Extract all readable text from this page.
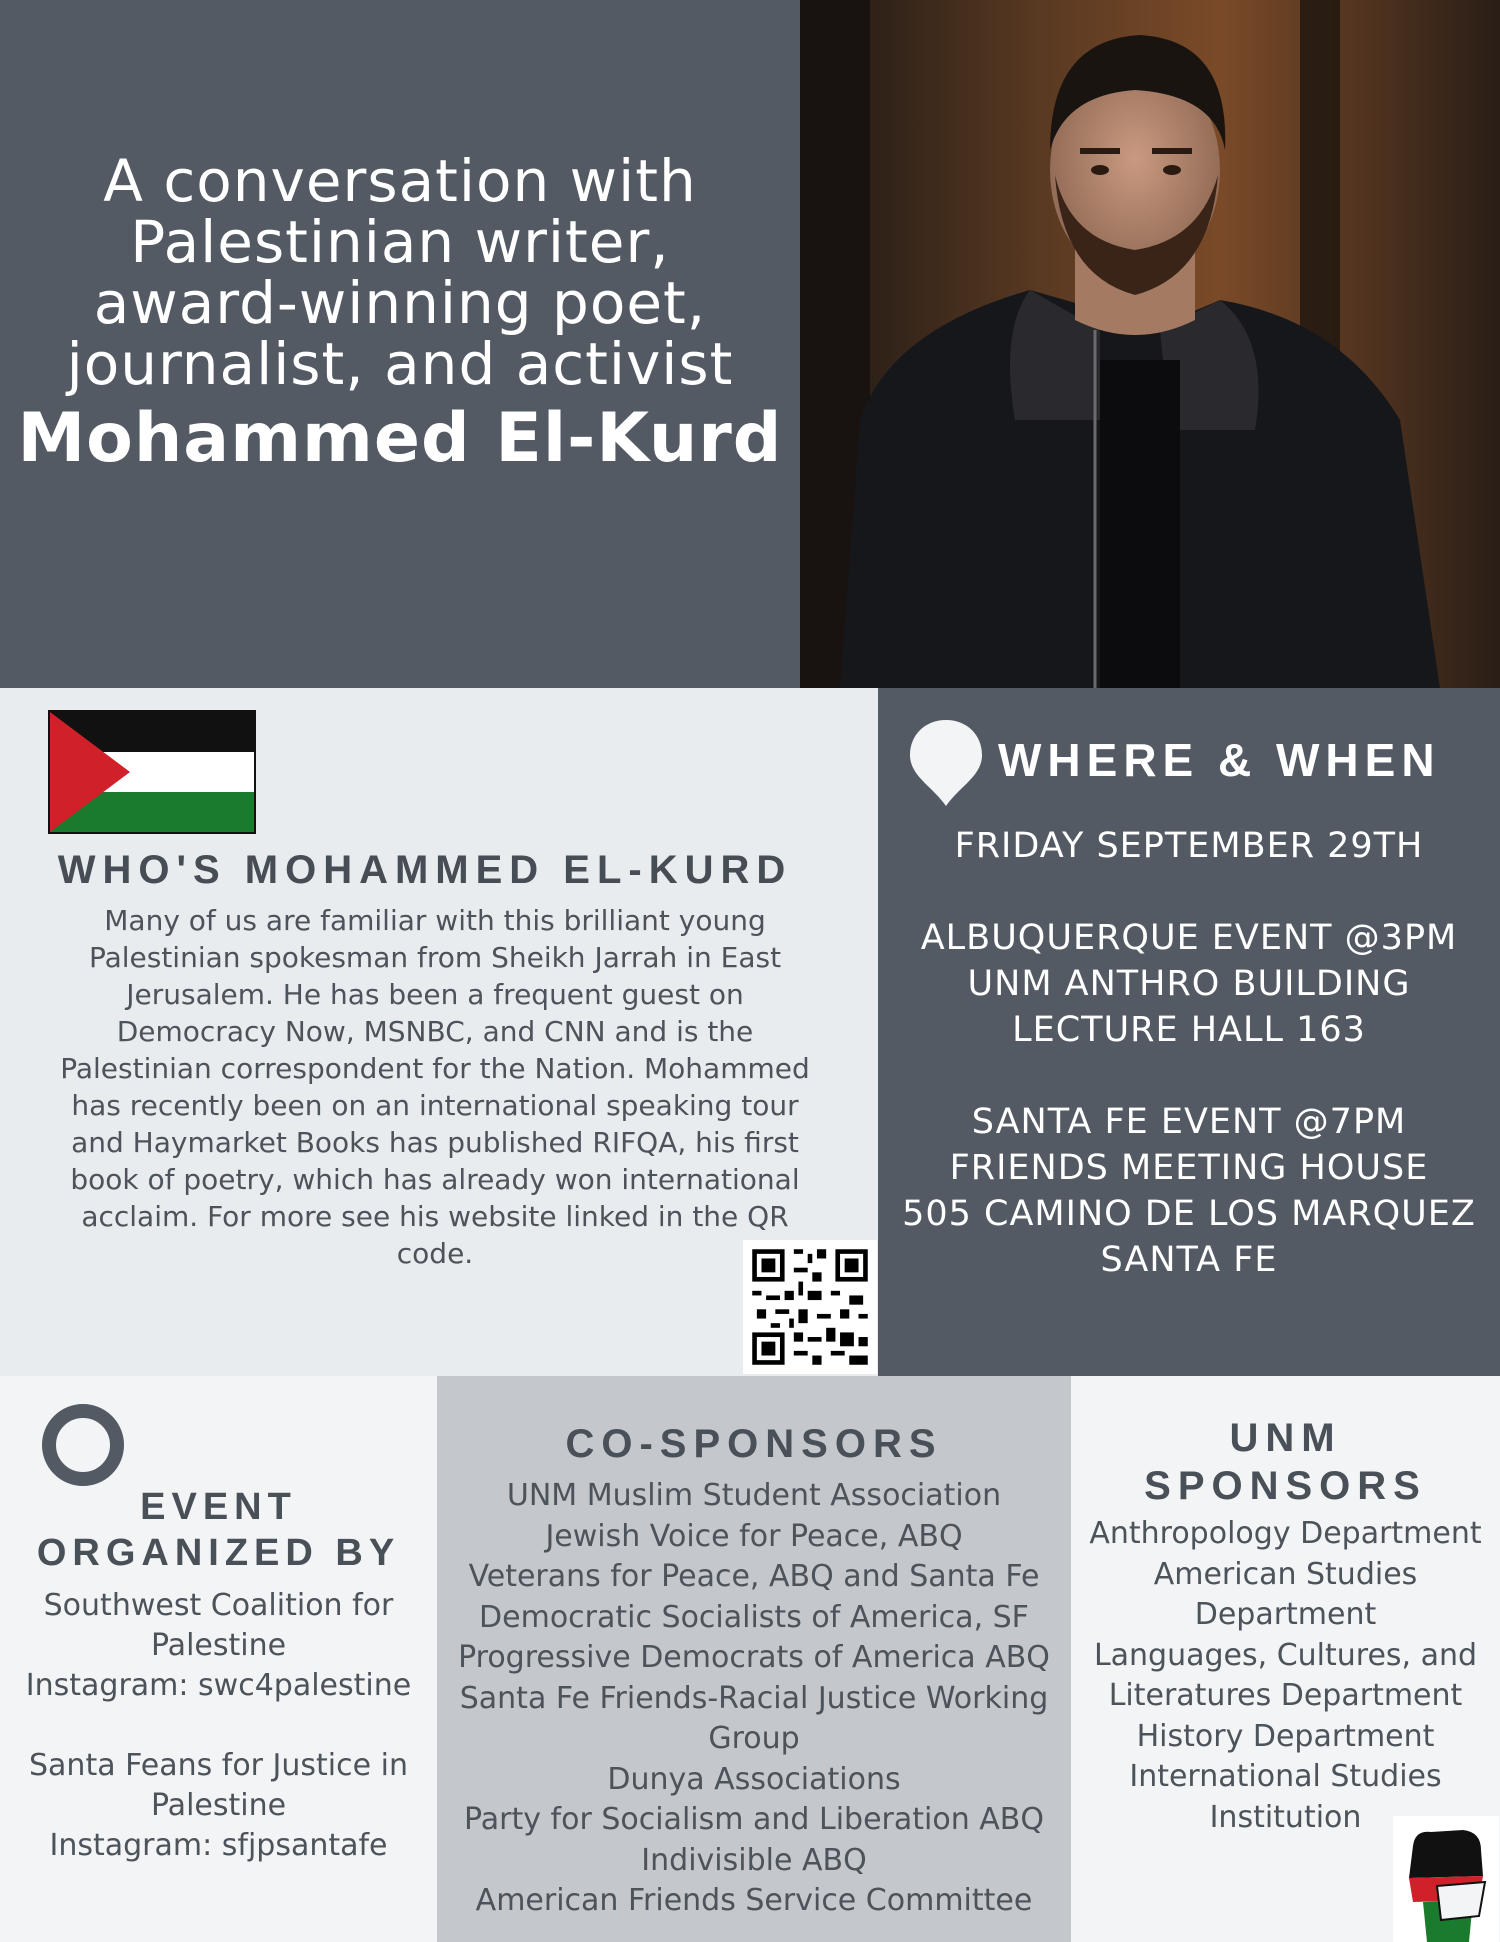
A conversation with
Palestinian writer,
award-winning poet,
journalist, and activist
Mohammed El-Kurd
WHO'S MOHAMMED EL-KURD
Many of us are familiar with this brilliant young
Palestinian spokesman from Sheikh Jarrah in East
Jerusalem. He has been a frequent guest on
Democracy Now, MSNBC, and CNN and is the
Palestinian correspondent for the Nation. Mohammed
has recently been on an international speaking tour
and Haymarket Books has published RIFQA, his first
book of poetry, which has already won international
acclaim. For more see his website linked in the QR
code.
WHERE & WHEN

FRIDAY SEPTEMBER 29TH

ALBUQUERQUE EVENT @3PM
UNM ANTHRO BUILDING
LECTURE HALL 163

SANTA FE EVENT @7PM
FRIENDS MEETING HOUSE
505 CAMINO DE LOS MARQUEZ
SANTA FE

EVENT
ORGANIZED BY
Southwest Coalition for
Palestine
Instagram: swc4palestine
Santa Feans for Justice in
Palestine
Instagram: sfjpsantafe
CO-SPONSORS
UNM Muslim Student Association
Jewish Voice for Peace, ABQ
Veterans for Peace, ABQ and Santa Fe
Democratic Socialists of America, SF
Progressive Democrats of America ABQ
Santa Fe Friends-Racial Justice Working
Group
Dunya Associations
Party for Socialism and Liberation ABQ
Indivisible ABQ
American Friends Service Committee
UNM
SPONSORS
Anthropology Department
American Studies
Department
Languages, Cultures, and
Literatures Department
History Department
International Studies
Institution
